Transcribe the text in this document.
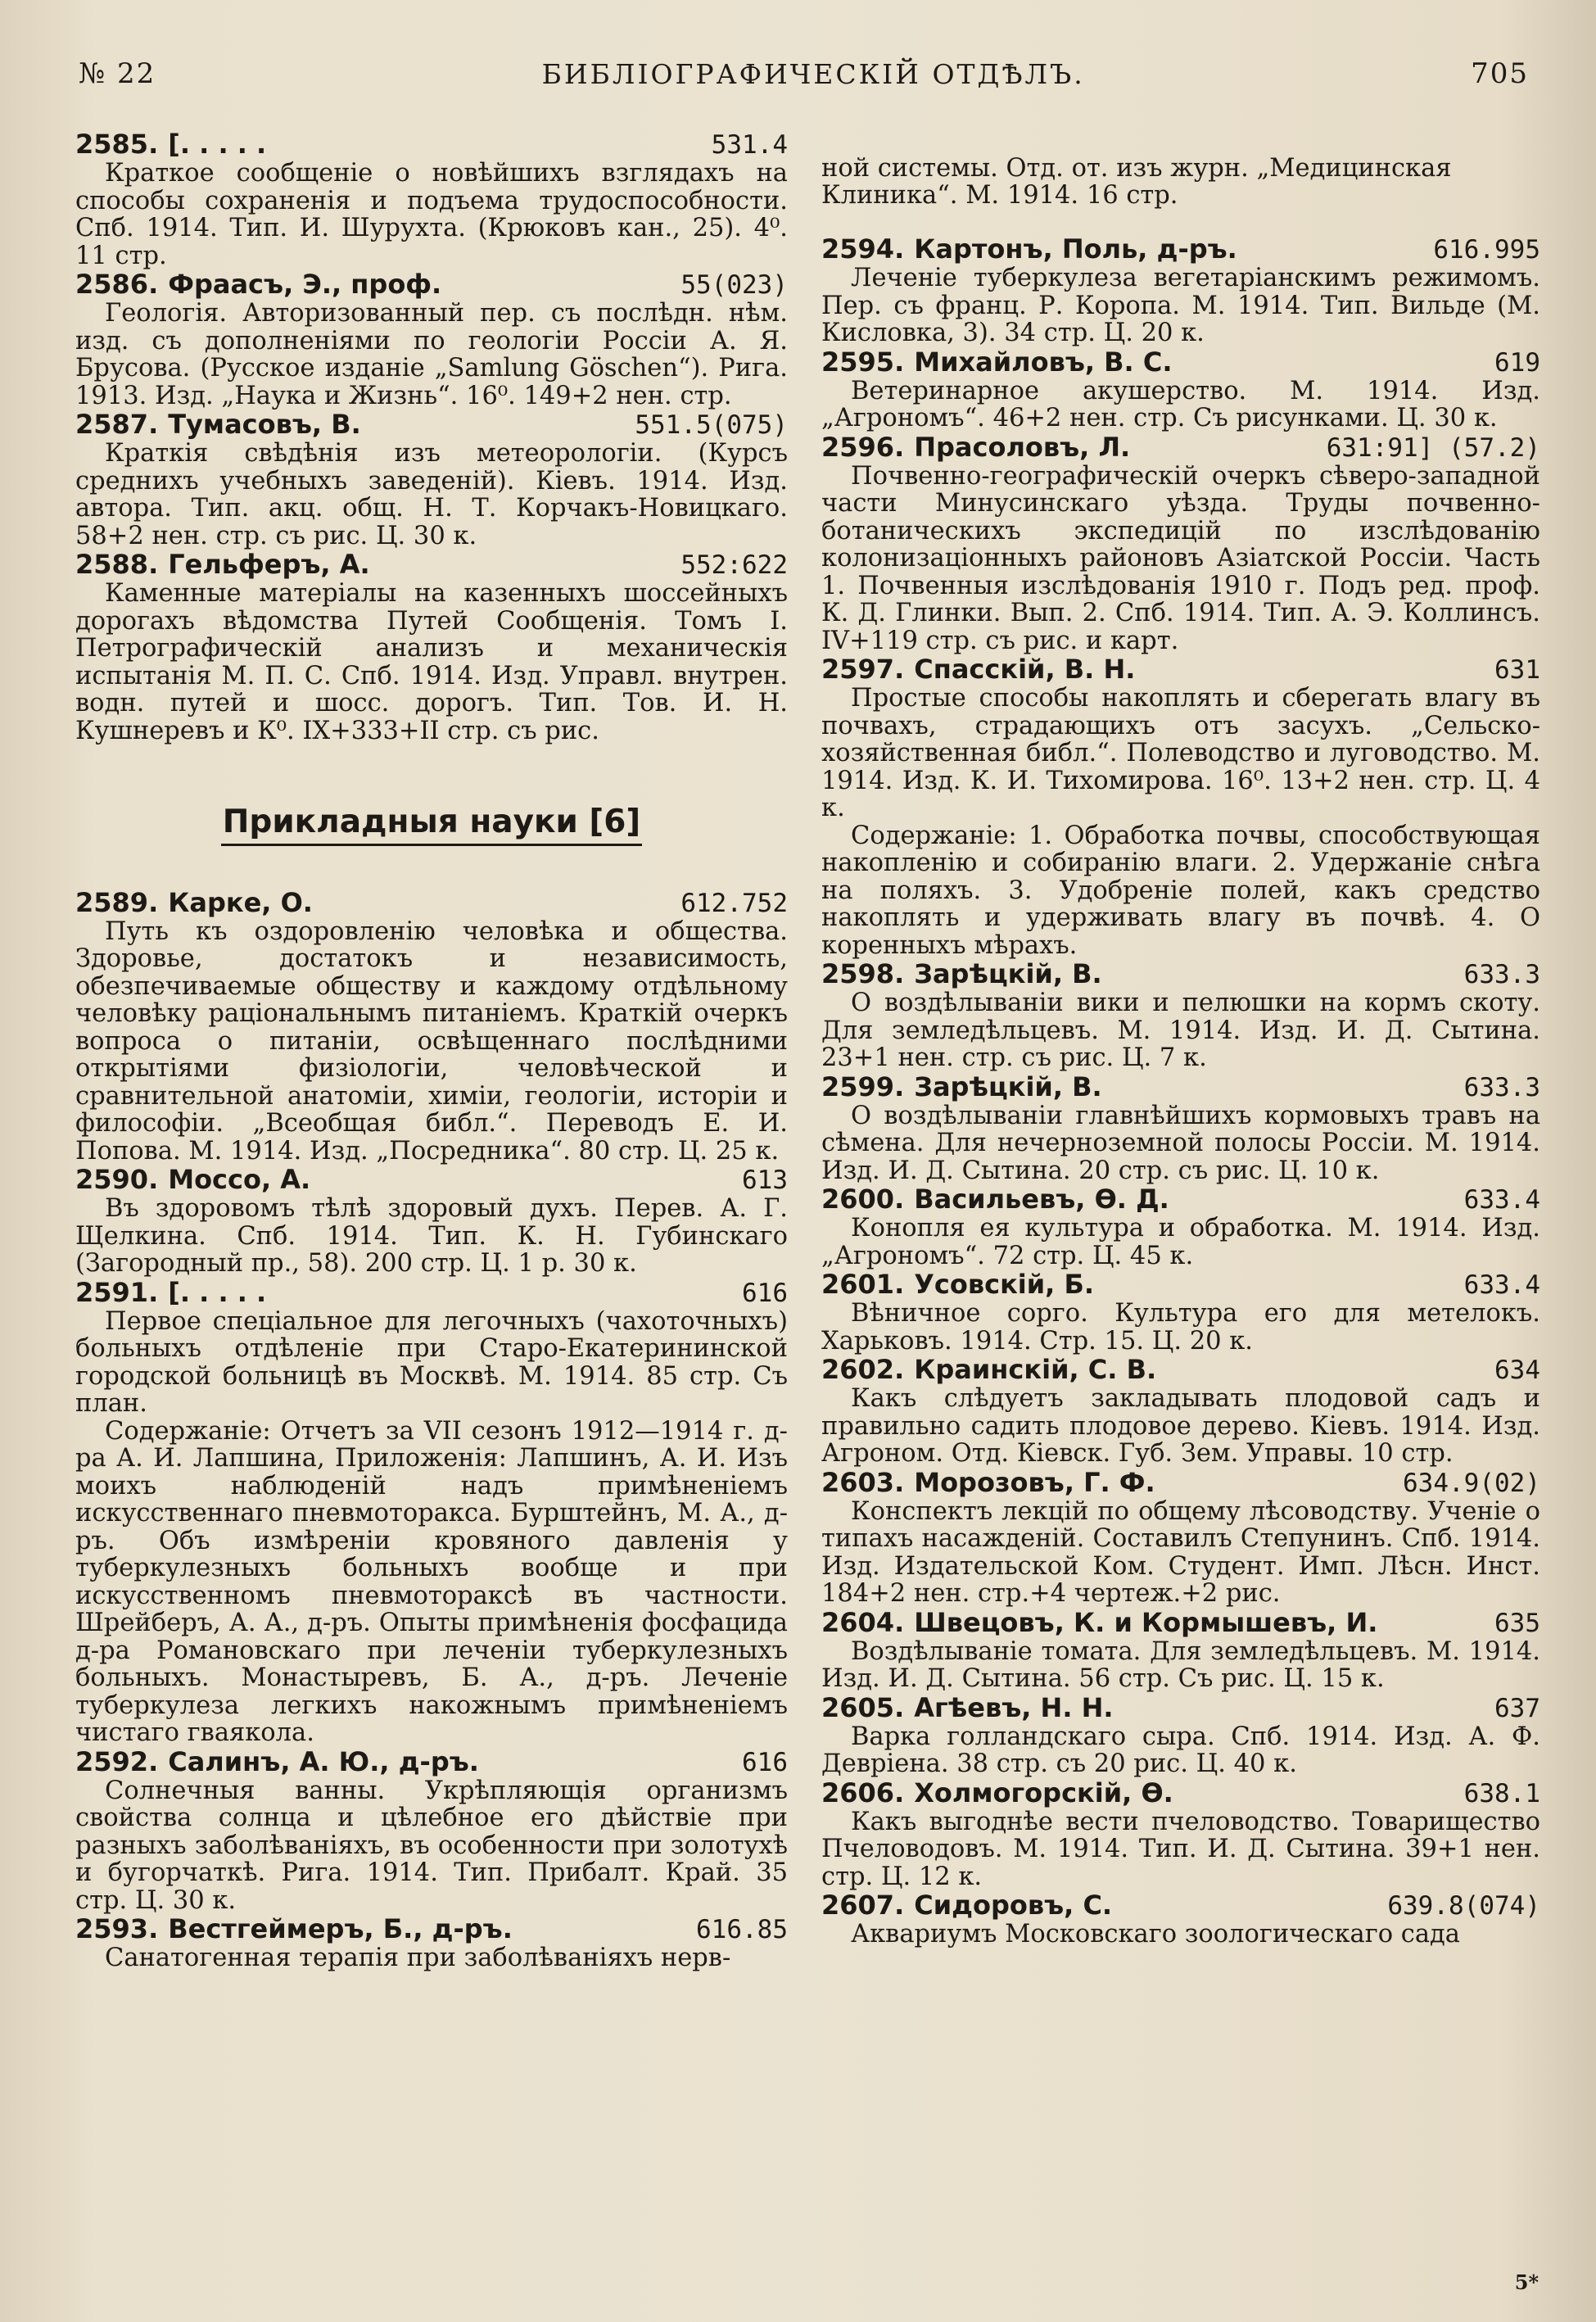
№ 22	БИБЛІОГРАФИЧЕСКІЙ ОТДѢЛЪ.	705
2585. [. . . . .	531.4

Краткое сообщеніе о новѣйшихъ взглядахъ на способы сохраненія и подъема трудоспособности. Спб. 1914. Тип. И. Шурухта. (Крюковъ кан., 25). 4⁰. 11 стр.

2586. Фраасъ, Э., проф.	55(023)

Геологія. Авторизованный пер. съ послѣдн. нѣм. изд. съ дополненіями по геологіи Россіи А. Я. Брусова. (Русское изданіе „Samlung Göschen“). Рига. 1913. Изд. „Наука и Жизнь“. 16⁰. 149+2 нен. стр.

2587. Тумасовъ, В.	551.5(075)

Краткія свѣдѣнія изъ метеорологіи. (Курсъ среднихъ учебныхъ заведеній). Кіевъ. 1914. Изд. автора. Тип. акц. общ. Н. Т. Корчакъ-Новицкаго. 58+2 нен. стр. съ рис. Ц. 30 к.

2588. Гельферъ, А.	552:622

Каменные матеріалы на казенныхъ шоссейныхъ дорогахъ вѣдомства Путей Сообщенія. Томъ I. Петрографическій анализъ и механическія испытанія М. П. С. Спб. 1914. Изд. Управл. внутрен. водн. путей и шосс. дорогъ. Тип. Тов. И. Н. Кушнеревъ и К⁰. IX+333+II стр. съ рис.

Прикладныя науки [6]
2589. Карке, О.	612.752

Путь къ оздоровленію человѣка и общества. Здоровье, достатокъ и независимость, обезпечиваемые обществу и каждому отдѣльному человѣку раціональнымъ питаніемъ. Краткій очеркъ вопроса о питаніи, освѣщеннаго послѣдними открытіями физіологіи, человѣческой и сравнительной анатоміи, химіи, геологіи, исторіи и философіи. „Всеобщая библ.“. Переводъ Е. И. Попова. М. 1914. Изд. „Посредника“. 80 стр. Ц. 25 к.

2590. Моссо, А.	613

Въ здоровомъ тѣлѣ здоровый духъ. Перев. А. Г. Щелкина. Спб. 1914. Тип. К. Н. Губинскаго (Загородный пр., 58). 200 стр. Ц. 1 р. 30 к.

2591. [. . . . .	616

Первое спеціальное для легочныхъ (чахоточныхъ) больныхъ отдѣленіе при Старо-Екатерининской городской больницѣ въ Москвѣ. М. 1914. 85 стр. Съ план.

Содержаніе: Отчетъ за VII сезонъ 1912—1914 г. д-ра А. И. Лапшина, Приложенія: Лапшинъ, А. И. Изъ моихъ наблюденій надъ примѣненіемъ искусственнаго пневмоторакса. Бурштейнъ, М. А., д-ръ. Объ измѣреніи кровяного давленія у туберкулезныхъ больныхъ вообще и при искусственномъ пневмотораксѣ въ частности. Шрейберъ, А. А., д-ръ. Опыты примѣненія фосфацида д-ра Романовскаго при леченіи туберкулезныхъ больныхъ. Монастыревъ, Б. А., д-ръ. Леченіе туберкулеза легкихъ накожнымъ примѣненіемъ чистаго гваякола.

2592. Салинъ, А. Ю., д-ръ.	616

Солнечныя ванны. Укрѣпляющія организмъ свойства солнца и цѣлебное его дѣйствіе при разныхъ заболѣваніяхъ, въ особенности при золотухѣ и бугорчаткѣ. Рига. 1914. Тип. Прибалт. Край. 35 стр. Ц. 30 к.

2593. Вестгеймеръ, Б., д-ръ.	616.85

Санатогенная терапія при заболѣваніяхъ нерв-

ной системы. Отд. от. изъ журн. „Медицинская Клиника“. М. 1914. 16 стр.

2594. Картонъ, Поль, д-ръ.	616.995

Леченіе туберкулеза вегетаріанскимъ режимомъ. Пер. съ франц. Р. Коропа. М. 1914. Тип. Вильде (М. Кисловка, 3). 34 стр. Ц. 20 к.

2595. Михайловъ, В. С.	619

Ветеринарное акушерство. М. 1914. Изд. „Агрономъ“. 46+2 нен. стр. Съ рисунками. Ц. 30 к.

2596. Прасоловъ, Л.	631:91] (57.2)

Почвенно-географическій очеркъ сѣверо-западной части Минусинскаго уѣзда. Труды почвенно-ботаническихъ экспедицій по изслѣдованію колонизаціонныхъ районовъ Азіатской Россіи. Часть 1. Почвенныя изслѣдованія 1910 г. Подъ ред. проф. К. Д. Глинки. Вып. 2. Спб. 1914. Тип. А. Э. Коллинсъ. IV+119 стр. съ рис. и карт.

2597. Спасскій, В. Н.	631

Простые способы накоплять и сберегать влагу въ почвахъ, страдающихъ отъ засухъ. „Сельско-хозяйственная библ.“. Полеводство и луговодство. М. 1914. Изд. К. И. Тихомирова. 16⁰. 13+2 нен. стр. Ц. 4 к.

Содержаніе: 1. Обработка почвы, способствующая накопленію и собиранію влаги. 2. Удержаніе снѣга на поляхъ. 3. Удобреніе полей, какъ средство накоплять и удерживать влагу въ почвѣ. 4. О коренныхъ мѣрахъ.

2598. Зарѣцкій, В.	633.3

О воздѣлываніи вики и пелюшки на кормъ скоту. Для земледѣльцевъ. М. 1914. Изд. И. Д. Сытина. 23+1 нен. стр. съ рис. Ц. 7 к.

2599. Зарѣцкій, В.	633.3

О воздѣлываніи главнѣйшихъ кормовыхъ травъ на сѣмена. Для нечерноземной полосы Россіи. М. 1914. Изд. И. Д. Сытина. 20 стр. съ рис. Ц. 10 к.

2600. Васильевъ, Ѳ. Д.	633.4

Конопля ея культура и обработка. М. 1914. Изд. „Агрономъ“. 72 стр. Ц. 45 к.

2601. Усовскій, Б.	633.4

Вѣничное сорго. Культура его для метелокъ. Харьковъ. 1914. Стр. 15. Ц. 20 к.

2602. Краинскій, С. В.	634

Какъ слѣдуетъ закладывать плодовой садъ и правильно садить плодовое дерево. Кіевъ. 1914. Изд. Агроном. Отд. Кіевск. Губ. Зем. Управы. 10 стр.

2603. Морозовъ, Г. Ф.	634.9(02)

Конспектъ лекцій по общему лѣсоводству. Ученіе о типахъ насажденій. Составилъ Степунинъ. Спб. 1914. Изд. Издательской Ком. Студент. Имп. Лѣсн. Инст. 184+2 нен. стр.+4 чертеж.+2 рис.

2604. Швецовъ, К. и Кормышевъ, И.	635

Воздѣлываніе томата. Для земледѣльцевъ. М. 1914. Изд. И. Д. Сытина. 56 стр. Съ рис. Ц. 15 к.

2605. Агѣевъ, Н. Н.	637

Варка голландскаго сыра. Спб. 1914. Изд. А. Ф. Девріена. 38 стр. съ 20 рис. Ц. 40 к.

2606. Холмогорскій, Ѳ.	638.1

Какъ выгоднѣе вести пчеловодство. Товарищество Пчеловодовъ. М. 1914. Тип. И. Д. Сытина. 39+1 нен. стр. Ц. 12 к.

2607. Сидоровъ, С.	639.8(074)

Аквариумъ Московскаго зоологическаго сада

5*
